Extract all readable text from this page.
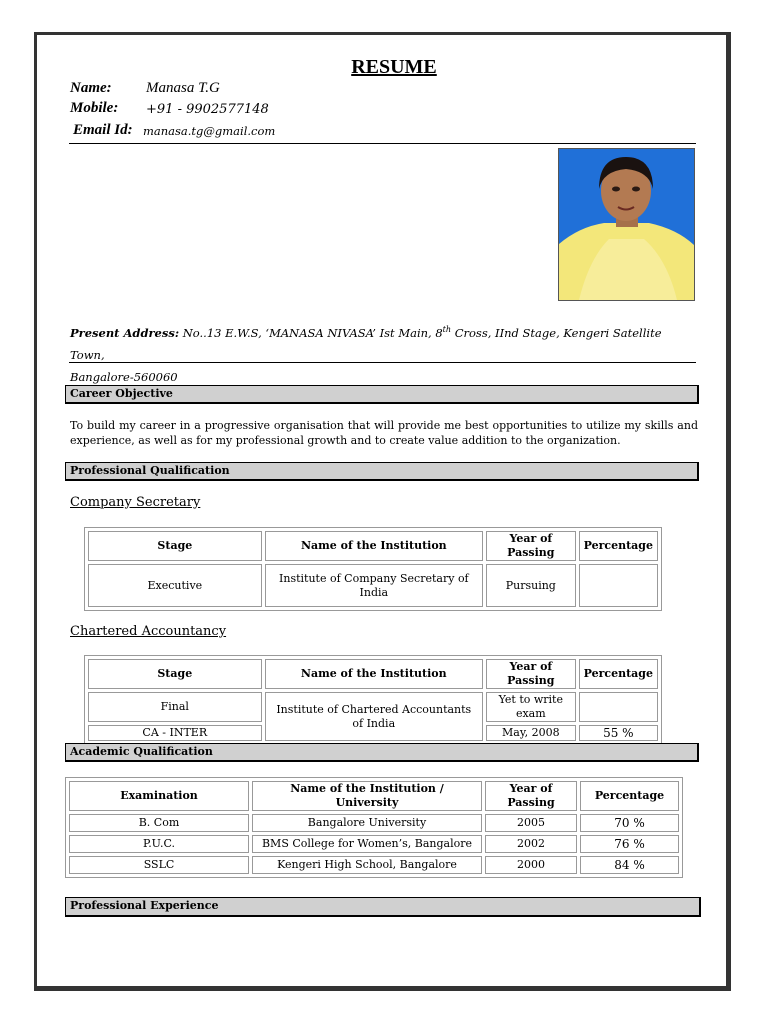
RESUME
Name: Manasa T.G
Mobile: +91 - 9902577148
Email Id: manasa.tg@gmail.com
Present Address: No..13 E.W.S, ‘MANASA NIVASA’ Ist Main, 8th Cross, IInd Stage, Kengeri Satellite Town,
Bangalore-560060
Career Objective
To build my career in a progressive organisation that will provide me best opportunities to utilize my skills and experience, as well as for my professional growth and to create value addition to the organization.
Professional Qualification
Company Secretary
Stage	Name of the Institution	Year of Passing	Percentage
Executive	Institute of Company Secretary of India	Pursuing	
Chartered Accountancy
Stage	Name of the Institution	Year of Passing	Percentage
Final	Institute of Chartered Accountants of India	Yet to write exam	
CA - INTER		May, 2008	55 %
Academic Qualification
Examination	Name of the Institution / University	Year of Passing	Percentage
B. Com	Bangalore University	2005	70 %
P.U.C.	BMS College for Women’s, Bangalore	2002	76 %
SSLC	Kengeri High School, Bangalore	2000	84 %
Professional Experience
